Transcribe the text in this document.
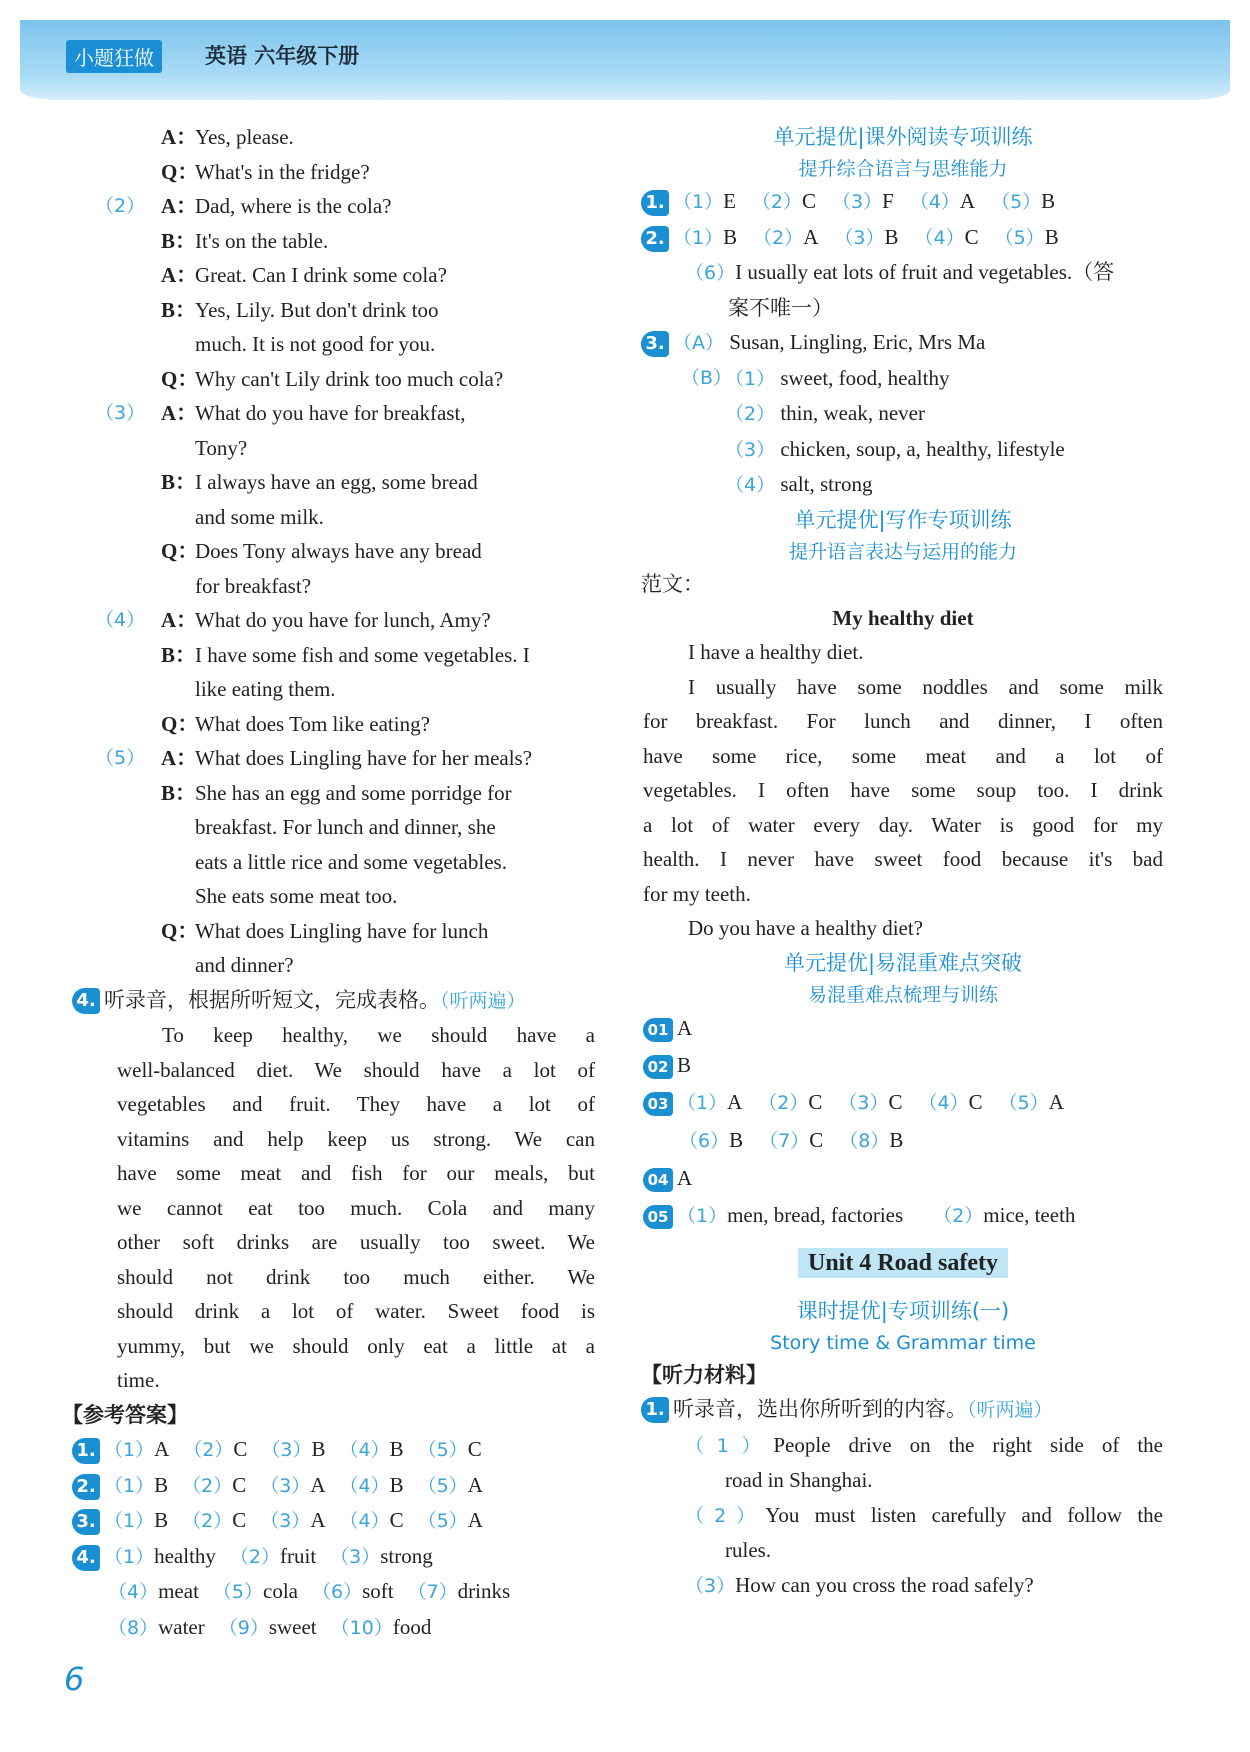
小题狂做	英语 六年级下册
A：Yes, please.
Q：What's in the fridge?
（2） A：Dad, where is the cola?
B：It's on the table.
A：Great. Can I drink some cola?
B：Yes, Lily. But don't drink too
much. It is not good for you.
Q：Why can't Lily drink too much cola?
（3） A：What do you have for breakfast,
Tony?
B：I always have an egg, some bread
and some milk.
Q：Does Tony always have any bread
for breakfast?
（4） A：What do you have for lunch, Amy?
B：I have some fish and some vegetables. I
like eating them.
Q：What does Tom like eating?
（5） A：What does Lingling have for her meals?
B：She has an egg and some porridge for
breakfast. For lunch and dinner, she
eats a little rice and some vegetables.
She eats some meat too.
Q：What does Lingling have for lunch
and dinner?
4. 听录音，根据所听短文，完成表格。（听两遍）
To keep healthy, we should have a
well-balanced diet. We should have a lot of
vegetables and fruit. They have a lot of
vitamins and help keep us strong. We can
have some meat and fish for our meals, but
we cannot eat too much. Cola and many
other soft drinks are usually too sweet. We
should not drink too much either. We
should drink a lot of water. Sweet food is
yummy, but we should only eat a little at a
time.
【参考答案】
1. （1）A （2）C （3）B （4）B （5）C
2. （1）B （2）C （3）A （4）B （5）A
3. （1）B （2）C （3）A （4）C （5）A
4. （1）healthy （2）fruit （3）strong
（4）meat （5）cola （6）soft （7）drinks
（8）water （9）sweet （10）food
单元提优|课外阅读专项训练
提升综合语言与思维能力
1. （1）E （2）C （3）F （4）A （5）B
2. （1）B （2）A （3）B （4）C （5）B
（6）I usually eat lots of fruit and vegetables.（答
案不唯一）
3. （A） Susan, Lingling, Eric, Mrs Ma
（B）
（1） sweet, food, healthy
（2） thin, weak, never
（3） chicken, soup, a, healthy, lifestyle
（4） salt, strong
单元提优|写作专项训练
提升语言表达与运用的能力
范文：
My healthy diet
I have a healthy diet.
I usually have some noddles and some milk
for breakfast. For lunch and dinner, I often
have some rice, some meat and a lot of
vegetables. I often have some soup too. I drink
a lot of water every day. Water is good for my
health. I never have sweet food because it's bad
for my teeth.
Do you have a healthy diet?
单元提优|易混重难点突破
易混重难点梳理与训练
01 A
02 B
03 （1）A （2）C （3）C （4）C （5）A
（6）B （7）C （8）B
04 A
05 （1）men, bread, factories （2）mice, teeth
Unit 4 Road safety
课时提优|专项训练(一)
Story time & Grammar time
【听力材料】
1. 听录音，选出你所听到的内容。（听两遍）
（1）People drive on the right side of the
road in Shanghai.
（2）You must listen carefully and follow the
rules.
（3）How can you cross the road safely?
6
